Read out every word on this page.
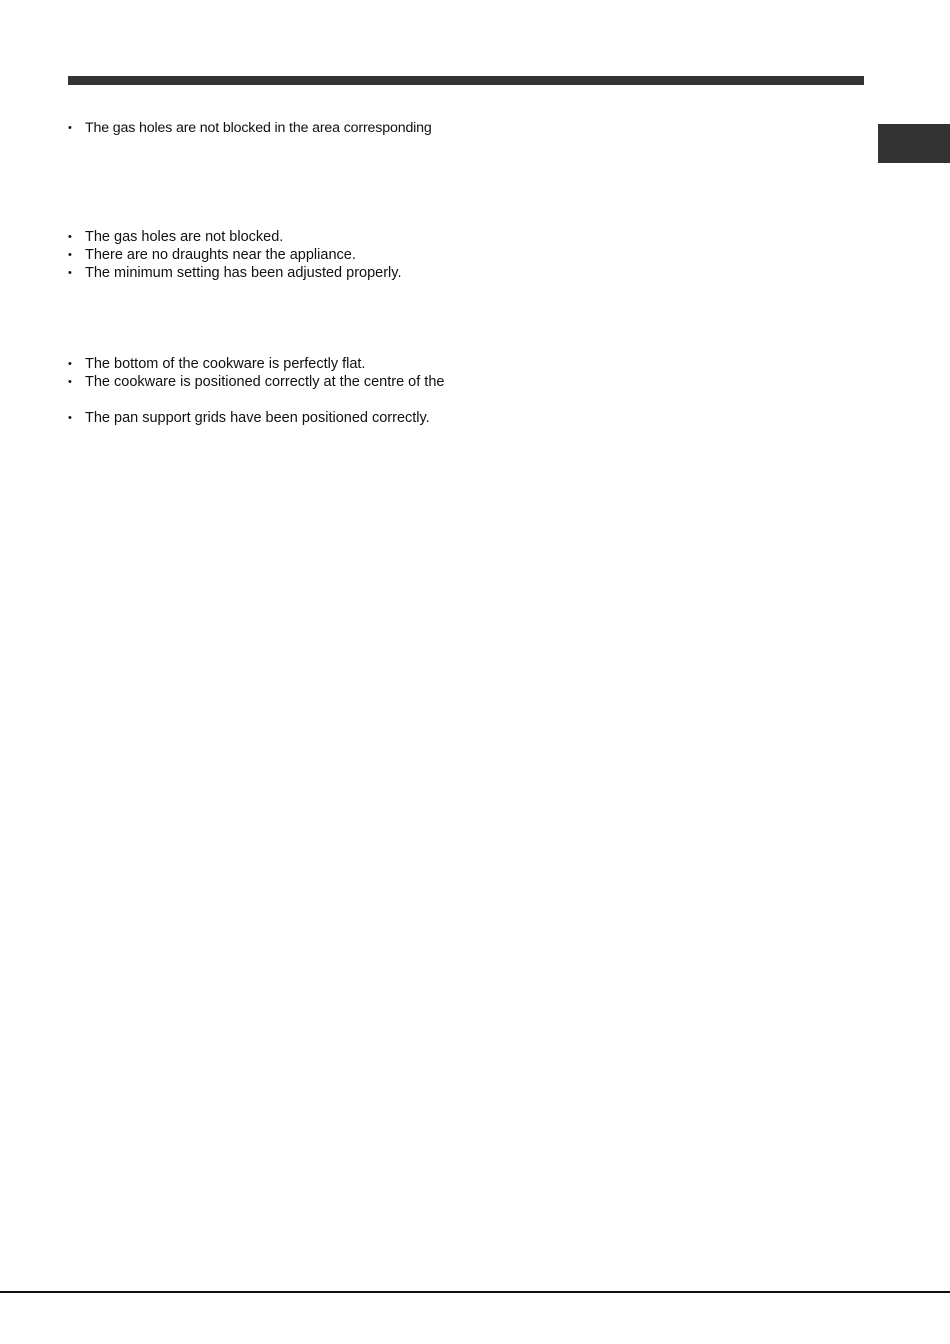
• The gas holes are not blocked in the area corresponding
• The gas holes are not blocked.
• There are no draughts near the appliance.
• The minimum setting has been adjusted properly.
• The bottom of the cookware is perfectly flat.
• The cookware is positioned correctly at the centre of the
• The pan support grids have been positioned correctly.
